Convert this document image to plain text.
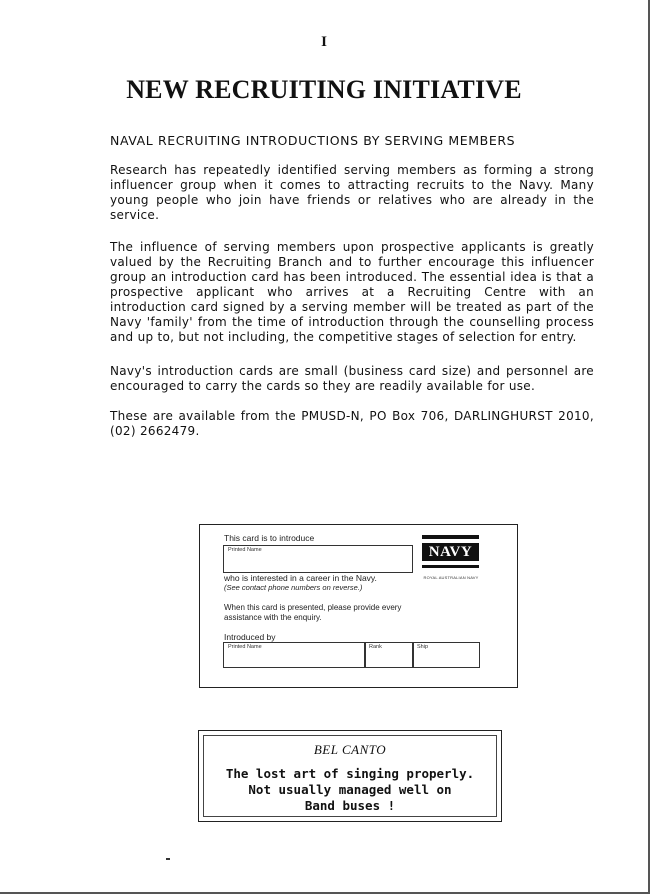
I
NEW RECRUITING INITIATIVE
NAVAL RECRUITING INTRODUCTIONS BY SERVING MEMBERS

Research has repeatedly identified serving members as forming a strong influencer group when it comes to attracting recruits to the Navy. Many young people who join have friends or relatives who are already in the service.

The influence of serving members upon prospective applicants is greatly valued by the Recruiting Branch and to further encourage this influencer group an introduction card has been introduced. The essential idea is that a prospective applicant who arrives at a Recruiting Centre with an introduction card signed by a serving member will be treated as part of the Navy 'family' from the time of introduction through the counselling process and up to, but not including, the competitive stages of selection for entry.

Navy's introduction cards are small (business card size) and personnel are encouraged to carry the cards so they are readily available for use.

These are available from the PMUSD-N, PO Box 706, DARLINGHURST 2010, (02) 2662479.

This card is to introduce
Printed Name
who is interested in a career in the Navy.
(See contact phone numbers on reverse.)
When this card is presented, please provide every
assistance with the enquiry.
Introduced by
Printed Name	Rank	Ship
NAVY
ROYAL AUSTRALIAN NAVY
BEL CANTO
The lost art of singing properly.
Not usually managed well on
Band buses !
